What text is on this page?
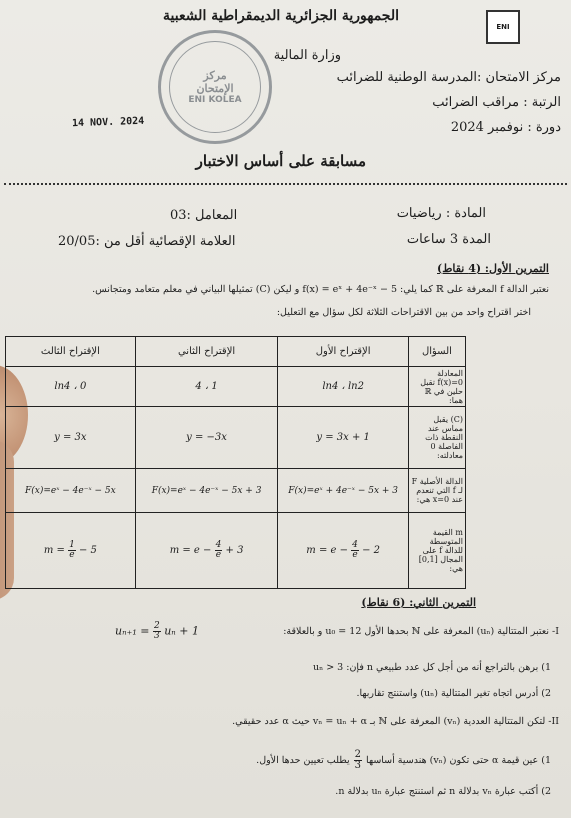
ENI
الجمهورية الجزائرية الديمقراطية الشعبية
وزارة المالية
مركز الامتحان :المدرسة الوطنية للضرائب
الرتبة : مراقب الضرائب
دورة : نوفمبر 2024
مركز
الإمتحان
ENI KOLEA
14 NOV. 2024
مسابقة على أساس الاختبار
المادة : رياضيات
المدة 3 ساعات
المعامل :03
العلامة الإقصائية أقل من :20/05
التمرين الأول: (4 نقاط)
نعتبر الدالة f المعرفة على ℝ كما يلي: f(x) = eˣ + 4e⁻ˣ − 5 و ليكن (C) تمثيلها البياني في معلم متعامد ومتجانس.
اختر اقتراح واحد من بين الاقتراحات الثلاثة لكل سؤال مع التعليل:
السؤال	الإقتراح الأول	الإقتراح الثاني	الإقتراح الثالث
المعادلة f(x)=0 تقبل حلين في ℝ هما:	ln4 ، ln2	1 ، 4	0 ، ln4
(C) يقبل مماس عند النقطة ذات الفاصلة 0 معادلته:	y = 3x + 1	y = −3x	y = 3x
الدالة الأصلية F لـ f التي تنعدم عند x=0 هي:	F(x)=eˣ + 4e⁻ˣ − 5x + 3	F(x)=eˣ − 4e⁻ˣ − 5x + 3	F(x)=eˣ − 4e⁻ˣ − 5x
m القيمة المتوسطة للدالة f على المجال [0,1] هي:	$m = e - \frac{4}{e} - 2$	$m = e - \frac{4}{e} + 3$	$m = \frac{1}{e} - 5$
التمرين الثاني: (6 نقاط)
I- نعتبر المتتالية (uₙ) المعرفة على ℕ بحدها الأول u₀ = 12 و بالعلاقة:
$u_{n+1} = \frac{2}{3}$ uₙ + 1
1) برهن بالتراجع أنه من أجل كل عدد طبيعي n فإن: uₙ > 3
2) أدرس اتجاه تغير المتتالية (uₙ) واستنتج تقاربها.
II- لتكن المتتالية العددية (vₙ) المعرفة على ℕ بـ vₙ = uₙ + α حيث α عدد حقيقي.
1) عين قيمة α حتى تكون (vₙ) هندسية أساسها
$\frac{2}{3}$
يطلب تعيين حدها الأول.
2) أكتب عبارة vₙ بدلالة n ثم استنتج عبارة uₙ بدلالة n.
